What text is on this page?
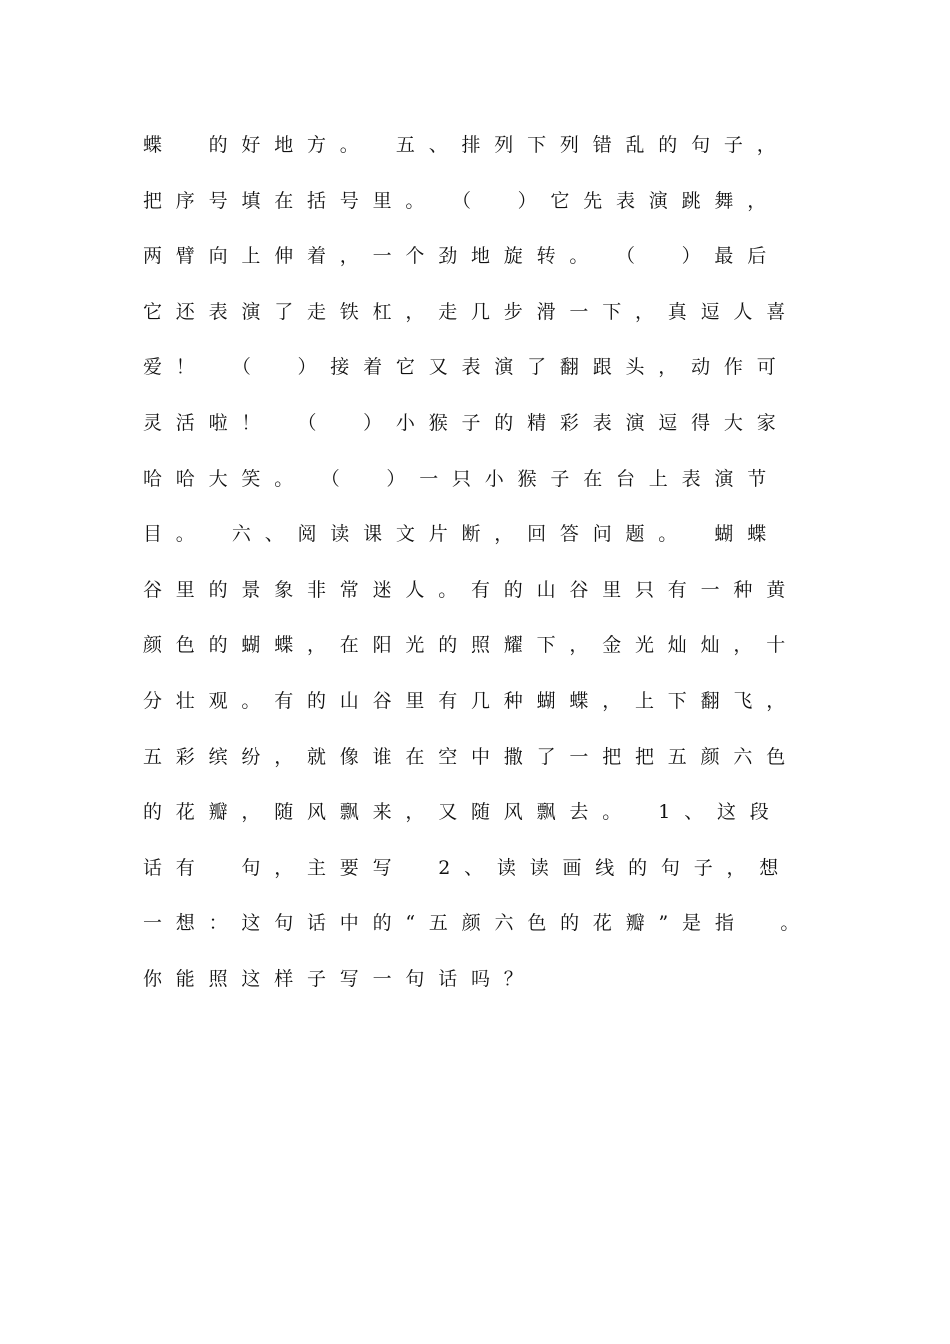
蝶　的好地方。　五、排列下列错乱的句子，
把序号填在括号里。　（　）它先表演跳舞，
两臂向上伸着，一个劲地旋转。　（　）最后
它还表演了走铁杠，走几步滑一下，真逗人喜
爱！　（　）接着它又表演了翻跟头，动作可
灵活啦！　（　）小猴子的精彩表演逗得大家
哈哈大笑。　（　）一只小猴子在台上表演节
目。　六、阅读课文片断，回答问题。　蝴蝶
谷里的景象非常迷人。有的山谷里只有一种黄
颜色的蝴蝶，在阳光的照耀下，金光灿灿，十
分壮观。有的山谷里有几种蝴蝶，上下翻飞，
五彩缤纷，就像谁在空中撒了一把把五颜六色
的花瓣，随风飘来，又随风飘去。　1、这段
话有　句，主要写　2、读读画线的句子，想
一想：这句话中的“五颜六色的花瓣”是指　。
你能照这样子写一句话吗？
